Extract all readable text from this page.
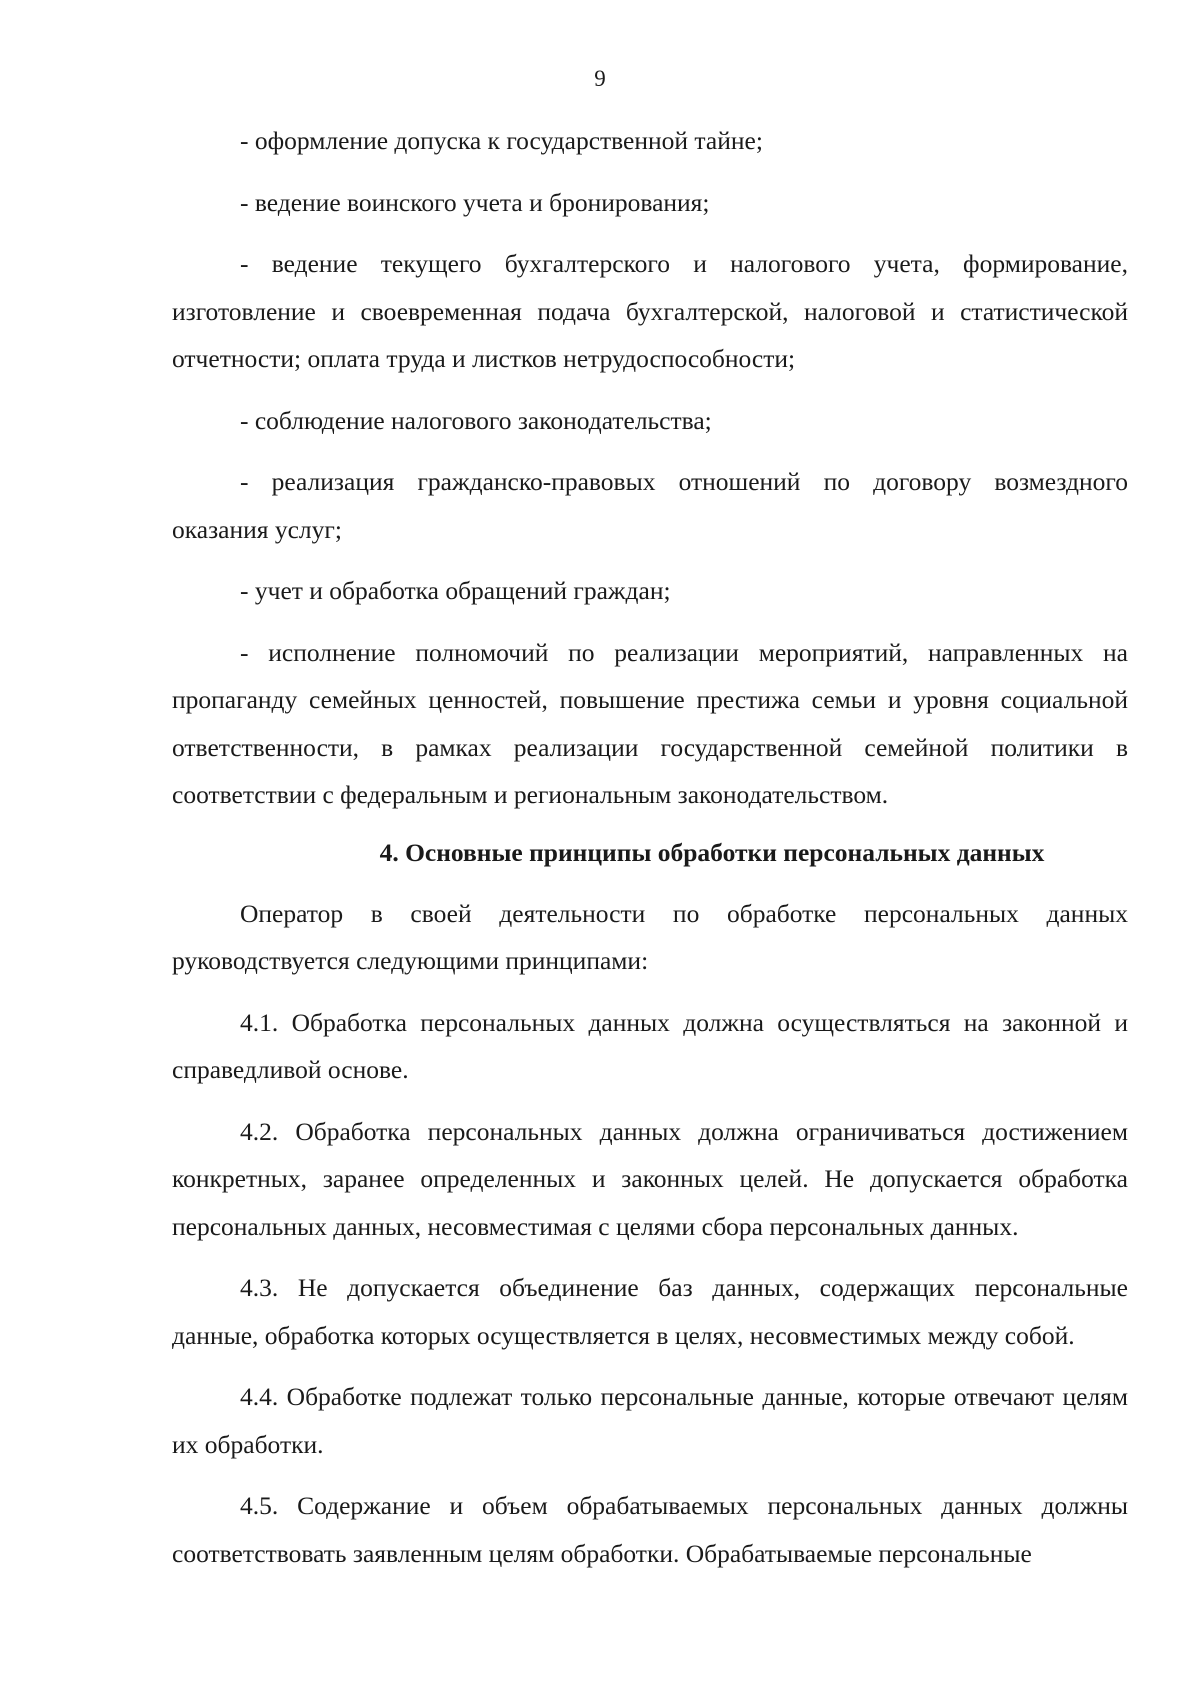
9

- оформление допуска к государственной тайне;

- ведение воинского учета и бронирования;

- ведение текущего бухгалтерского и налогового учета, формирование, изготовление и своевременная подача бухгалтерской, налоговой и статистической отчетности; оплата труда и листков нетрудоспособности;

- соблюдение налогового законодательства;

- реализация гражданско-правовых отношений по договору возмездного оказания услуг;

- учет и обработка обращений граждан;

- исполнение полномочий по реализации мероприятий, направленных на пропаганду семейных ценностей, повышение престижа семьи и уровня социальной ответственности, в рамках реализации государственной семейной политики в соответствии с федеральным и региональным законодательством.

4. Основные принципы обработки персональных данных

Оператор в своей деятельности по обработке персональных данных руководствуется следующими принципами:

4.1. Обработка персональных данных должна осуществляться на законной и справедливой основе.

4.2. Обработка персональных данных должна ограничиваться достижением конкретных, заранее определенных и законных целей. Не допускается обработка персональных данных, несовместимая с целями сбора персональных данных.

4.3. Не допускается объединение баз данных, содержащих персональные данные, обработка которых осуществляется в целях, несовместимых между собой.

4.4. Обработке подлежат только персональные данные, которые отвечают целям их обработки.

4.5. Содержание и объем обрабатываемых персональных данных должны соответствовать заявленным целям обработки. Обрабатываемые персональные
